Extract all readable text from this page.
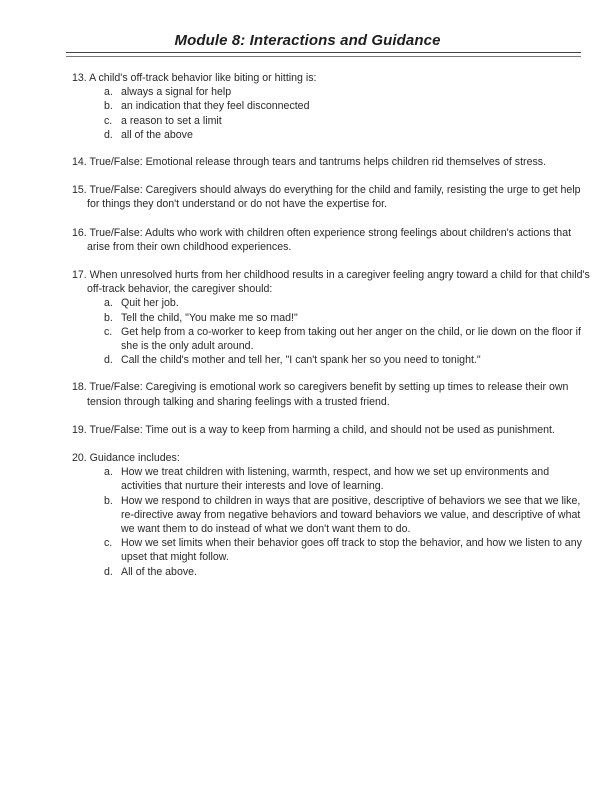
Module 8: Interactions and Guidance

13. A child's off-track behavior like biting or hitting is:

a. always a signal for help
b. an indication that they feel disconnected
c. a reason to set a limit
d. all of the above

14. True/False: Emotional release through tears and tantrums helps children rid themselves of stress.

15. True/False: Caregivers should always do everything for the child and family, resisting the urge to get help for things they don't understand or do not have the expertise for.

16. True/False: Adults who work with children often experience strong feelings about children's actions that arise from their own childhood experiences.

17. When unresolved hurts from her childhood results in a caregiver feeling angry toward a child for that child's off-track behavior, the caregiver should:

a. Quit her job.
b. Tell the child, "You make me so mad!"
c. Get help from a co-worker to keep from taking out her anger on the child, or lie down on the floor if she is the only adult around.
d. Call the child's mother and tell her, "I can't spank her so you need to tonight."

18. True/False: Caregiving is emotional work so caregivers benefit by setting up times to release their own tension through talking and sharing feelings with a trusted friend.

19. True/False: Time out is a way to keep from harming a child, and should not be used as punishment.

20. Guidance includes:

a. How we treat children with listening, warmth, respect, and how we set up environments and activities that nurture their interests and love of learning.
b. How we respond to children in ways that are positive, descriptive of behaviors we see that we like, re-directive away from negative behaviors and toward behaviors we value, and descriptive of what we want them to do instead of what we don't want them to do.
c. How we set limits when their behavior goes off track to stop the behavior, and how we listen to any upset that might follow.
d. All of the above.
